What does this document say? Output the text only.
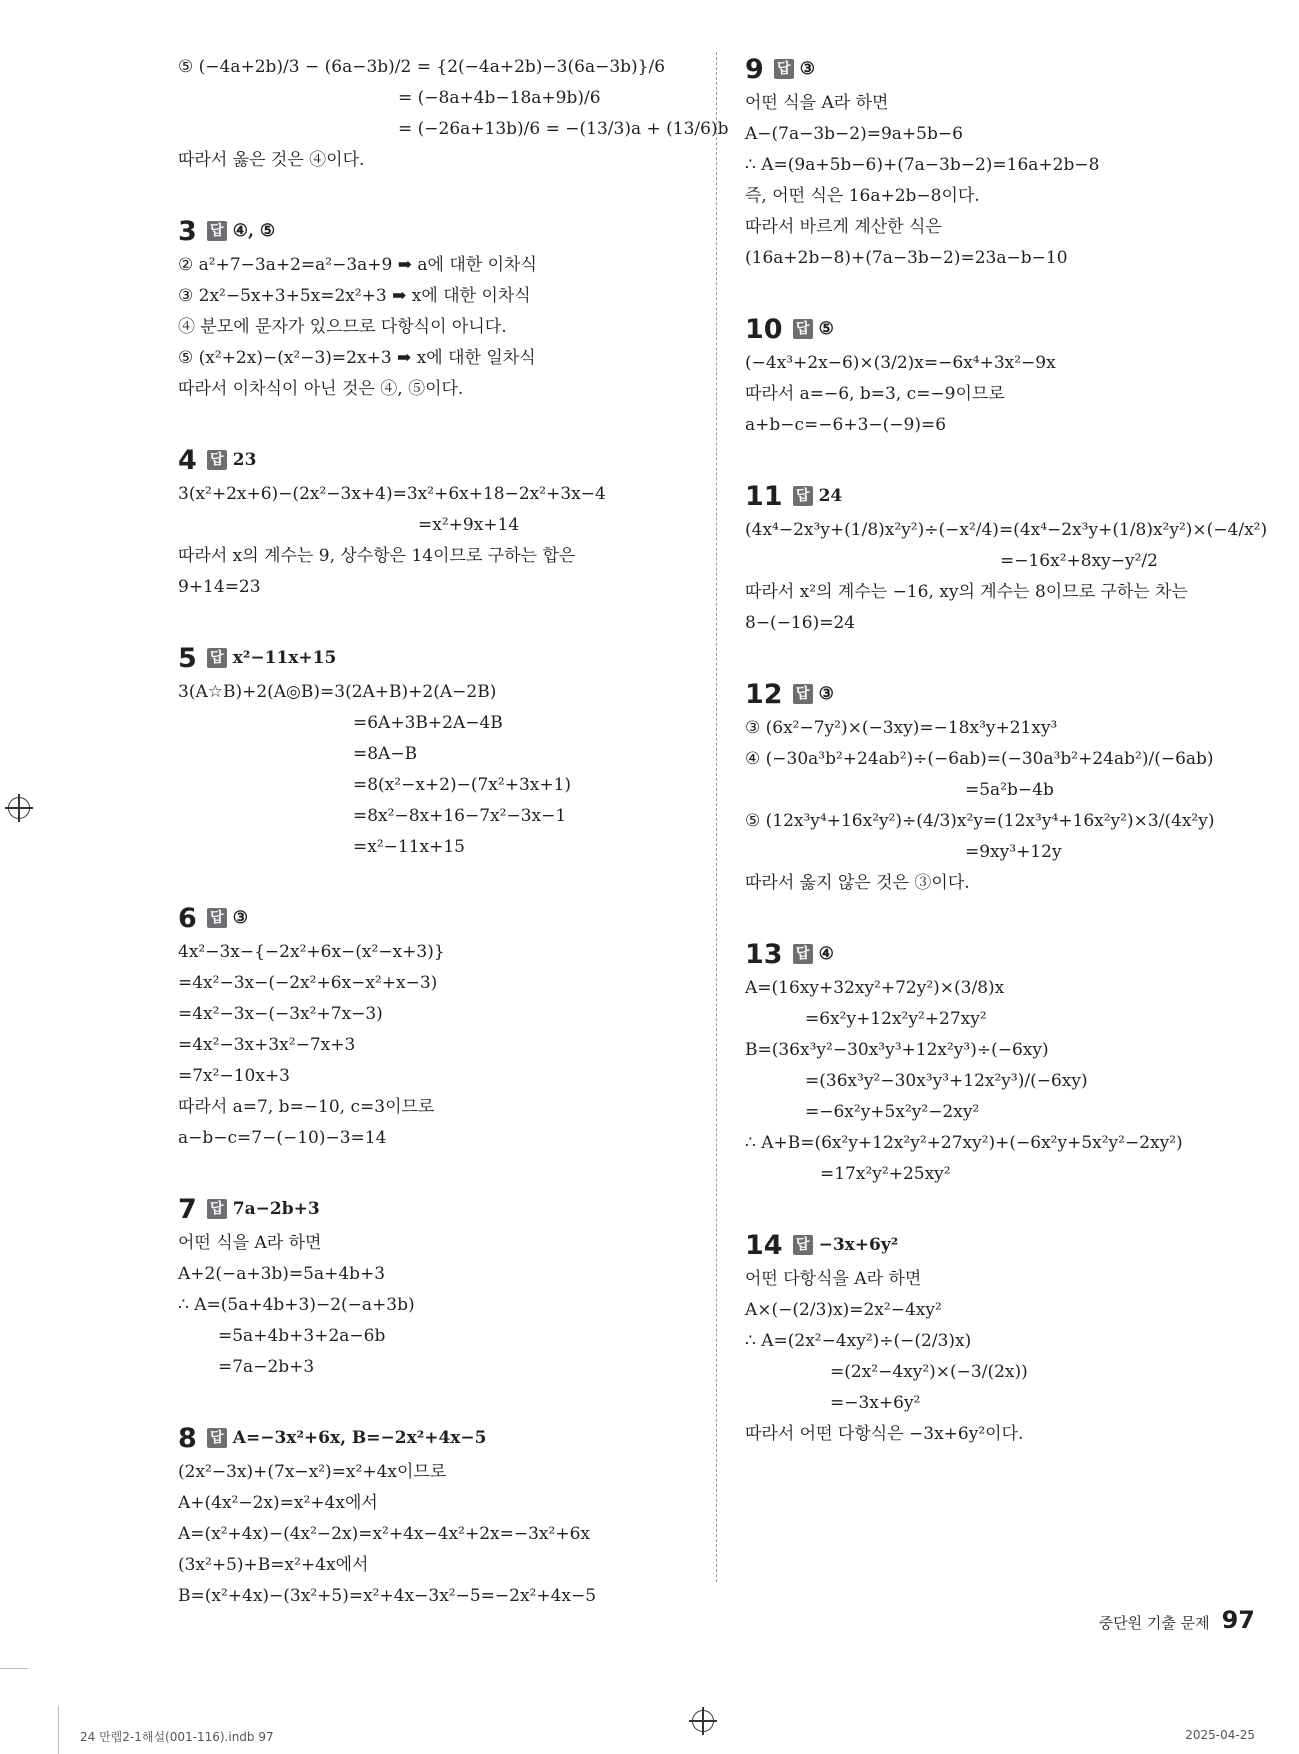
⑤ (−4a+2b)/3 − (6a−3b)/2 = {2(−4a+2b)−3(6a−3b)}/6
= (−8a+4b−18a+9b)/6
= (−26a+13b)/6 = −(13/3)a + (13/6)b
따라서 옳은 것은 ④이다.
3 답 ④, ⑤
② a²+7−3a+2=a²−3a+9 ➡ a에 대한 이차식
③ 2x²−5x+3+5x=2x²+3 ➡ x에 대한 이차식
④ 분모에 문자가 있으므로 다항식이 아니다.
⑤ (x²+2x)−(x²−3)=2x+3 ➡ x에 대한 일차식
따라서 이차식이 아닌 것은 ④, ⑤이다.
4 답 23
3(x²+2x+6)−(2x²−3x+4)=3x²+6x+18−2x²+3x−4
=x²+9x+14
따라서 x의 계수는 9, 상수항은 14이므로 구하는 합은
9+14=23
5 답 x²−11x+15
3(A☆B)+2(A◎B)=3(2A+B)+2(A−2B)
=6A+3B+2A−4B
=8A−B
=8(x²−x+2)−(7x²+3x+1)
=8x²−8x+16−7x²−3x−1
=x²−11x+15
6 답 ③
4x²−3x−{−2x²+6x−(x²−x+3)}
=4x²−3x−(−2x²+6x−x²+x−3)
=4x²−3x−(−3x²+7x−3)
=4x²−3x+3x²−7x+3
=7x²−10x+3
따라서 a=7, b=−10, c=3이므로
a−b−c=7−(−10)−3=14
7 답 7a−2b+3
어떤 식을 A라 하면
A+2(−a+3b)=5a+4b+3
∴ A=(5a+4b+3)−2(−a+3b)
=5a+4b+3+2a−6b
=7a−2b+3
8 답 A=−3x²+6x, B=−2x²+4x−5
(2x²−3x)+(7x−x²)=x²+4x이므로
A+(4x²−2x)=x²+4x에서
A=(x²+4x)−(4x²−2x)=x²+4x−4x²+2x=−3x²+6x
(3x²+5)+B=x²+4x에서
B=(x²+4x)−(3x²+5)=x²+4x−3x²−5=−2x²+4x−5
9 답 ③
어떤 식을 A라 하면
A−(7a−3b−2)=9a+5b−6
∴ A=(9a+5b−6)+(7a−3b−2)=16a+2b−8
즉, 어떤 식은 16a+2b−8이다.
따라서 바르게 계산한 식은
(16a+2b−8)+(7a−3b−2)=23a−b−10
10 답 ⑤
(−4x³+2x−6)×(3/2)x=−6x⁴+3x²−9x
따라서 a=−6, b=3, c=−9이므로
a+b−c=−6+3−(−9)=6
11 답 24
(4x⁴−2x³y+(1/8)x²y²)÷(−x²/4)=(4x⁴−2x³y+(1/8)x²y²)×(−4/x²)
=−16x²+8xy−y²/2
따라서 x²의 계수는 −16, xy의 계수는 8이므로 구하는 차는
8−(−16)=24
12 답 ③
③ (6x²−7y²)×(−3xy)=−18x³y+21xy³
④ (−30a³b²+24ab²)÷(−6ab)=(−30a³b²+24ab²)/(−6ab)
=5a²b−4b
⑤ (12x³y⁴+16x²y²)÷(4/3)x²y=(12x³y⁴+16x²y²)×3/(4x²y)
=9xy³+12y
따라서 옳지 않은 것은 ③이다.
13 답 ④
A=(16xy+32xy²+72y²)×(3/8)x
=6x²y+12x²y²+27xy²
B=(36x³y²−30x³y³+12x²y³)÷(−6xy)
=(36x³y²−30x³y³+12x²y³)/(−6xy)
=−6x²y+5x²y²−2xy²
∴ A+B=(6x²y+12x²y²+27xy²)+(−6x²y+5x²y²−2xy²)
=17x²y²+25xy²
14 답 −3x+6y²
어떤 다항식을 A라 하면
A×(−(2/3)x)=2x²−4xy²
∴ A=(2x²−4xy²)÷(−(2/3)x)
=(2x²−4xy²)×(−3/(2x))
=−3x+6y²
따라서 어떤 다항식은 −3x+6y²이다.
중단원 기출 문제 97
24 만렙2-1해설(001-116).indb 97	2025-04-25
